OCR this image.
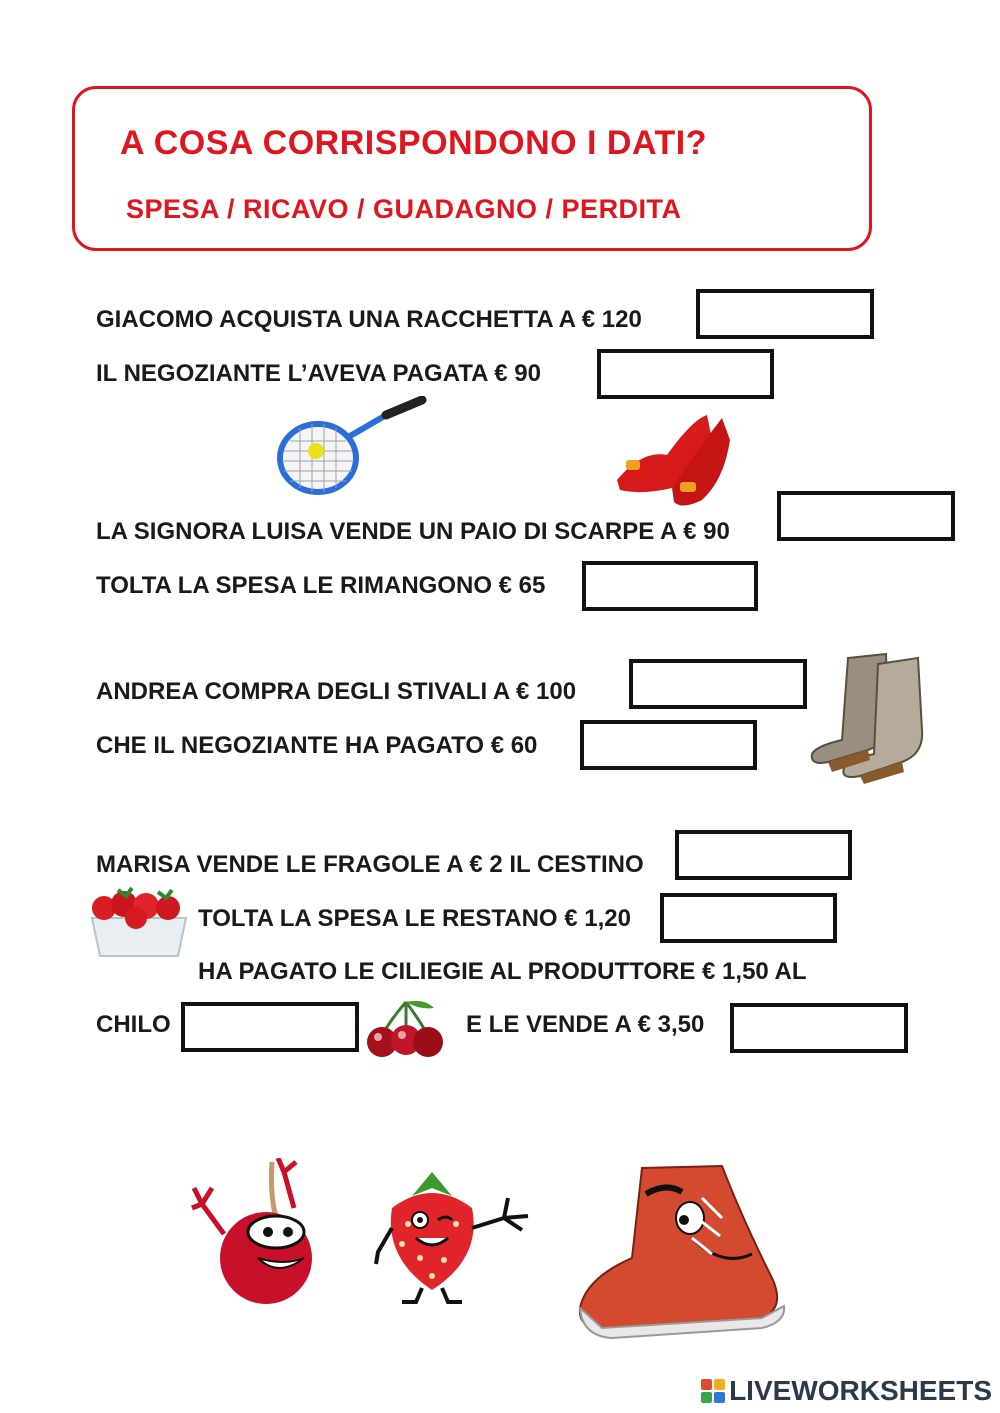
A COSA CORRISPONDONO I DATI?
SPESA / RICAVO / GUADAGNO / PERDITA
GIACOMO ACQUISTA UNA RACCHETTA A € 120
IL NEGOZIANTE L’AVEVA PAGATA € 90
LA SIGNORA LUISA VENDE UN PAIO DI SCARPE A € 90
TOLTA LA SPESA LE RIMANGONO € 65
ANDREA COMPRA DEGLI STIVALI A € 100
CHE IL NEGOZIANTE HA PAGATO € 60
MARISA VENDE LE FRAGOLE A € 2 IL CESTINO
TOLTA LA SPESA LE RESTANO € 1,20
HA PAGATO LE CILIEGIE AL PRODUTTORE € 1,50 AL
CHILO	E LE VENDE A € 3,50
LIVEWORKSHEETS
